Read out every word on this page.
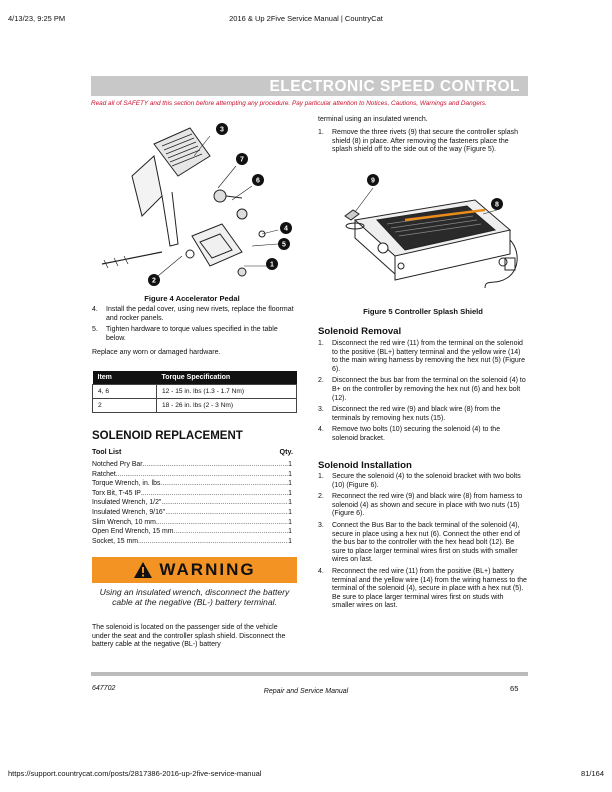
4/13/23, 9:25 PM	2016 & Up 2Five Service Manual | CountryCat
ELECTRONIC SPEED CONTROL
Read all of SAFETY and this section before attempting any procedure. Pay particular attention to Notices, Cautions, Warnings and Dangers.
3
7
6
4
5
1
2
Figure 4 Accelerator Pedal
4.	Install the pedal cover, using new rivets, replace the floormat and rocker panels.
5.	Tighten hardware to torque values specified in the table below.
Replace any worn or damaged hardware.
Item	Torque Specification
4, 6	12 - 15 in. lbs (1.3 - 1.7 Nm)
2	18 - 26 in. lbs (2 - 3 Nm)
SOLENOID REPLACEMENT
Tool List	Qty.
Notched Pry Bar .....	1
Ratchet .....	1
Torque Wrench, in. lbs .....	1
Torx Bit, T-45 IP .....	1
Insulated Wrench, 1/2" .....	1
Insulated Wrench, 9/16" .....	1
Slim Wrench, 10 mm .....	1
Open End Wrench, 15 mm .....	1
Socket, 15 mm .....	1
WARNING
Using an insulated wrench, disconnect the battery cable at the negative (BL-) battery terminal.
The solenoid is located on the passenger side of the vehicle under the seat and the controller splash shield. Disconnect the battery cable at the negative (BL-) battery
terminal using an insulated wrench.
1.	Remove the three rivets (9) that secure the controller splash shield (8) in place. After removing the fasteners place the splash shield off to the side out of the way (Figure 5).
9
8
Figure 5 Controller Splash Shield
Solenoid Removal
1.	Disconnect the red wire (11) from the terminal on the solenoid to the positive (BL+) battery terminal and the yellow wire (14) to the main wiring harness by removing the hex nut (5) (Figure 6).
2.	Disconnect the bus bar from the terminal on the solenoid (4) to B+ on the controller by removing the hex nut (6) and hex bolt (12).
3.	Disconnect the red wire (9) and black wire (8) from the terminals by removing hex nuts (15).
4.	Remove two bolts (10) securing the solenoid (4) to the solenoid bracket.
Solenoid Installation
1.	Secure the solenoid (4) to the solenoid bracket with two bolts (10) (Figure 6).
2.	Reconnect the red wire (9) and black wire (8) from harness to solenoid (4) as shown and secure in place with two nuts (15) (Figure 6).
3.	Connect the Bus Bar to the back terminal of the solenoid (4), secure in place using a hex nut (6). Connect the other end of the bus bar to the controller with the hex head bolt (12). Be sure to place larger terminal wires first on studs with smaller wires on last.
4.	Reconnect the red wire (11) from the positive (BL+) battery terminal and the yellow wire (14) from the wiring harness to the terminal of the solenoid (4), secure in place with a hex nut (5). Be sure to place larger terminal wires first on studs with smaller wires on last.
647702	Repair and Service Manual	65
https://support.countrycat.com/posts/2817386-2016-up-2five-service-manual	81/164
